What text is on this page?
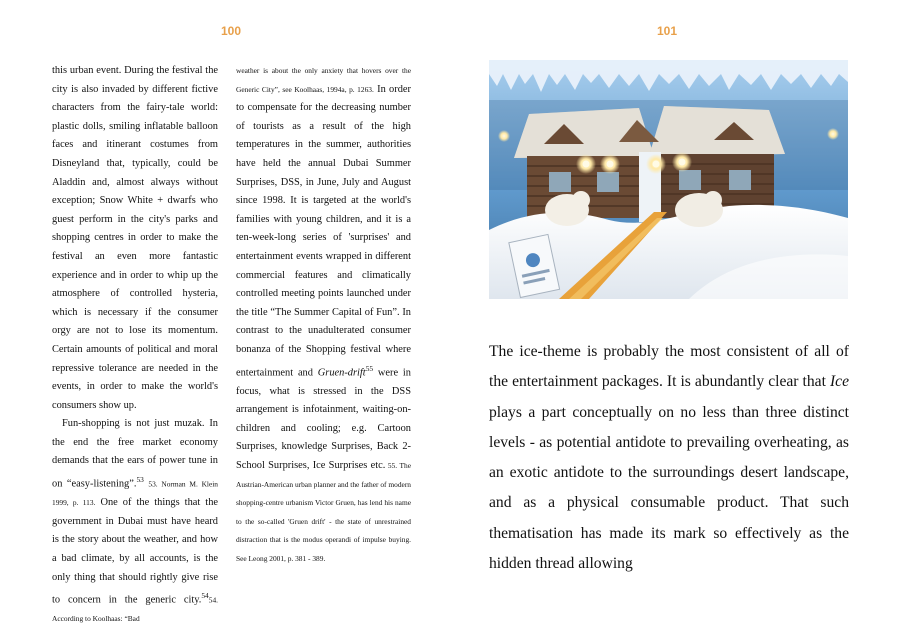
100	101

this urban event. During the festival the city is also invaded by different fictive characters from the fairy-tale world: plastic dolls, smiling inflatable balloon faces and itinerant costumes from Disneyland that, typically, could be Aladdin and, almost always without exception; Snow White + dwarfs who guest perform in the city's parks and shopping centres in order to make the festival an even more fantastic experience and in order to whip up the atmosphere of controlled hysteria, which is necessary if the consumer orgy are not to lose its momentum. Certain amounts of political and moral repressive tolerance are needed in the events, in order to make the world's consumers show up.

Fun-shopping is not just muzak. In the end the free market economy demands that the ears of power tune in on “easy-listening”.$^{53}$ 53. Norman M. Klein 1999, p. 113. One of the things that the government in Dubai must have heard is the story about the weather, and how a bad climate, by all accounts, is the only thing that should rightly give rise to concern in the generic city.$^{54}$54. According to Koolhaas: “Bad

weather is about the only anxiety that hovers over the Generic City”, see Koolhaas, 1994a, p. 1263. In order to compensate for the decreasing number of tourists as a result of the high temperatures in the summer, authorities have held the annual Dubai Summer Surprises, DSS, in June, July and August since 1998. It is targeted at the world's families with young children, and it is a ten-week-long series of 'surprises' and entertainment events wrapped in different commercial features and climatically controlled meeting points launched under the title “The Summer Capital of Fun”. In contrast to the unadulterated consumer bonanza of the Shopping festival where entertainment and Gruen-drift$^{55}$ were in focus, what is stressed in the DSS arrangement is infotainment, waiting-on-children and cooling; e.g. Cartoon Surprises, knowledge Surprises, Back 2-School Surprises, Ice Surprises etc. 55. The Austrian-American urban planner and the father of modern shopping-centre urbanism Victor Gruen, has lend his name to the so-called 'Gruen drift' - the state of unrestrained distraction that is the modus operandi of impulse buying. See Leong 2001, p. 381 - 389.

The ice-theme is probably the most consistent of all of the entertainment packages. It is abundantly clear that Ice plays a part conceptually on no less than three distinct levels - as potential antidote to prevailing overheating, as an exotic antidote to the surroundings desert landscape, and as a physical consumable product. That such thematisation has made its mark so effectively as the hidden thread allowing
